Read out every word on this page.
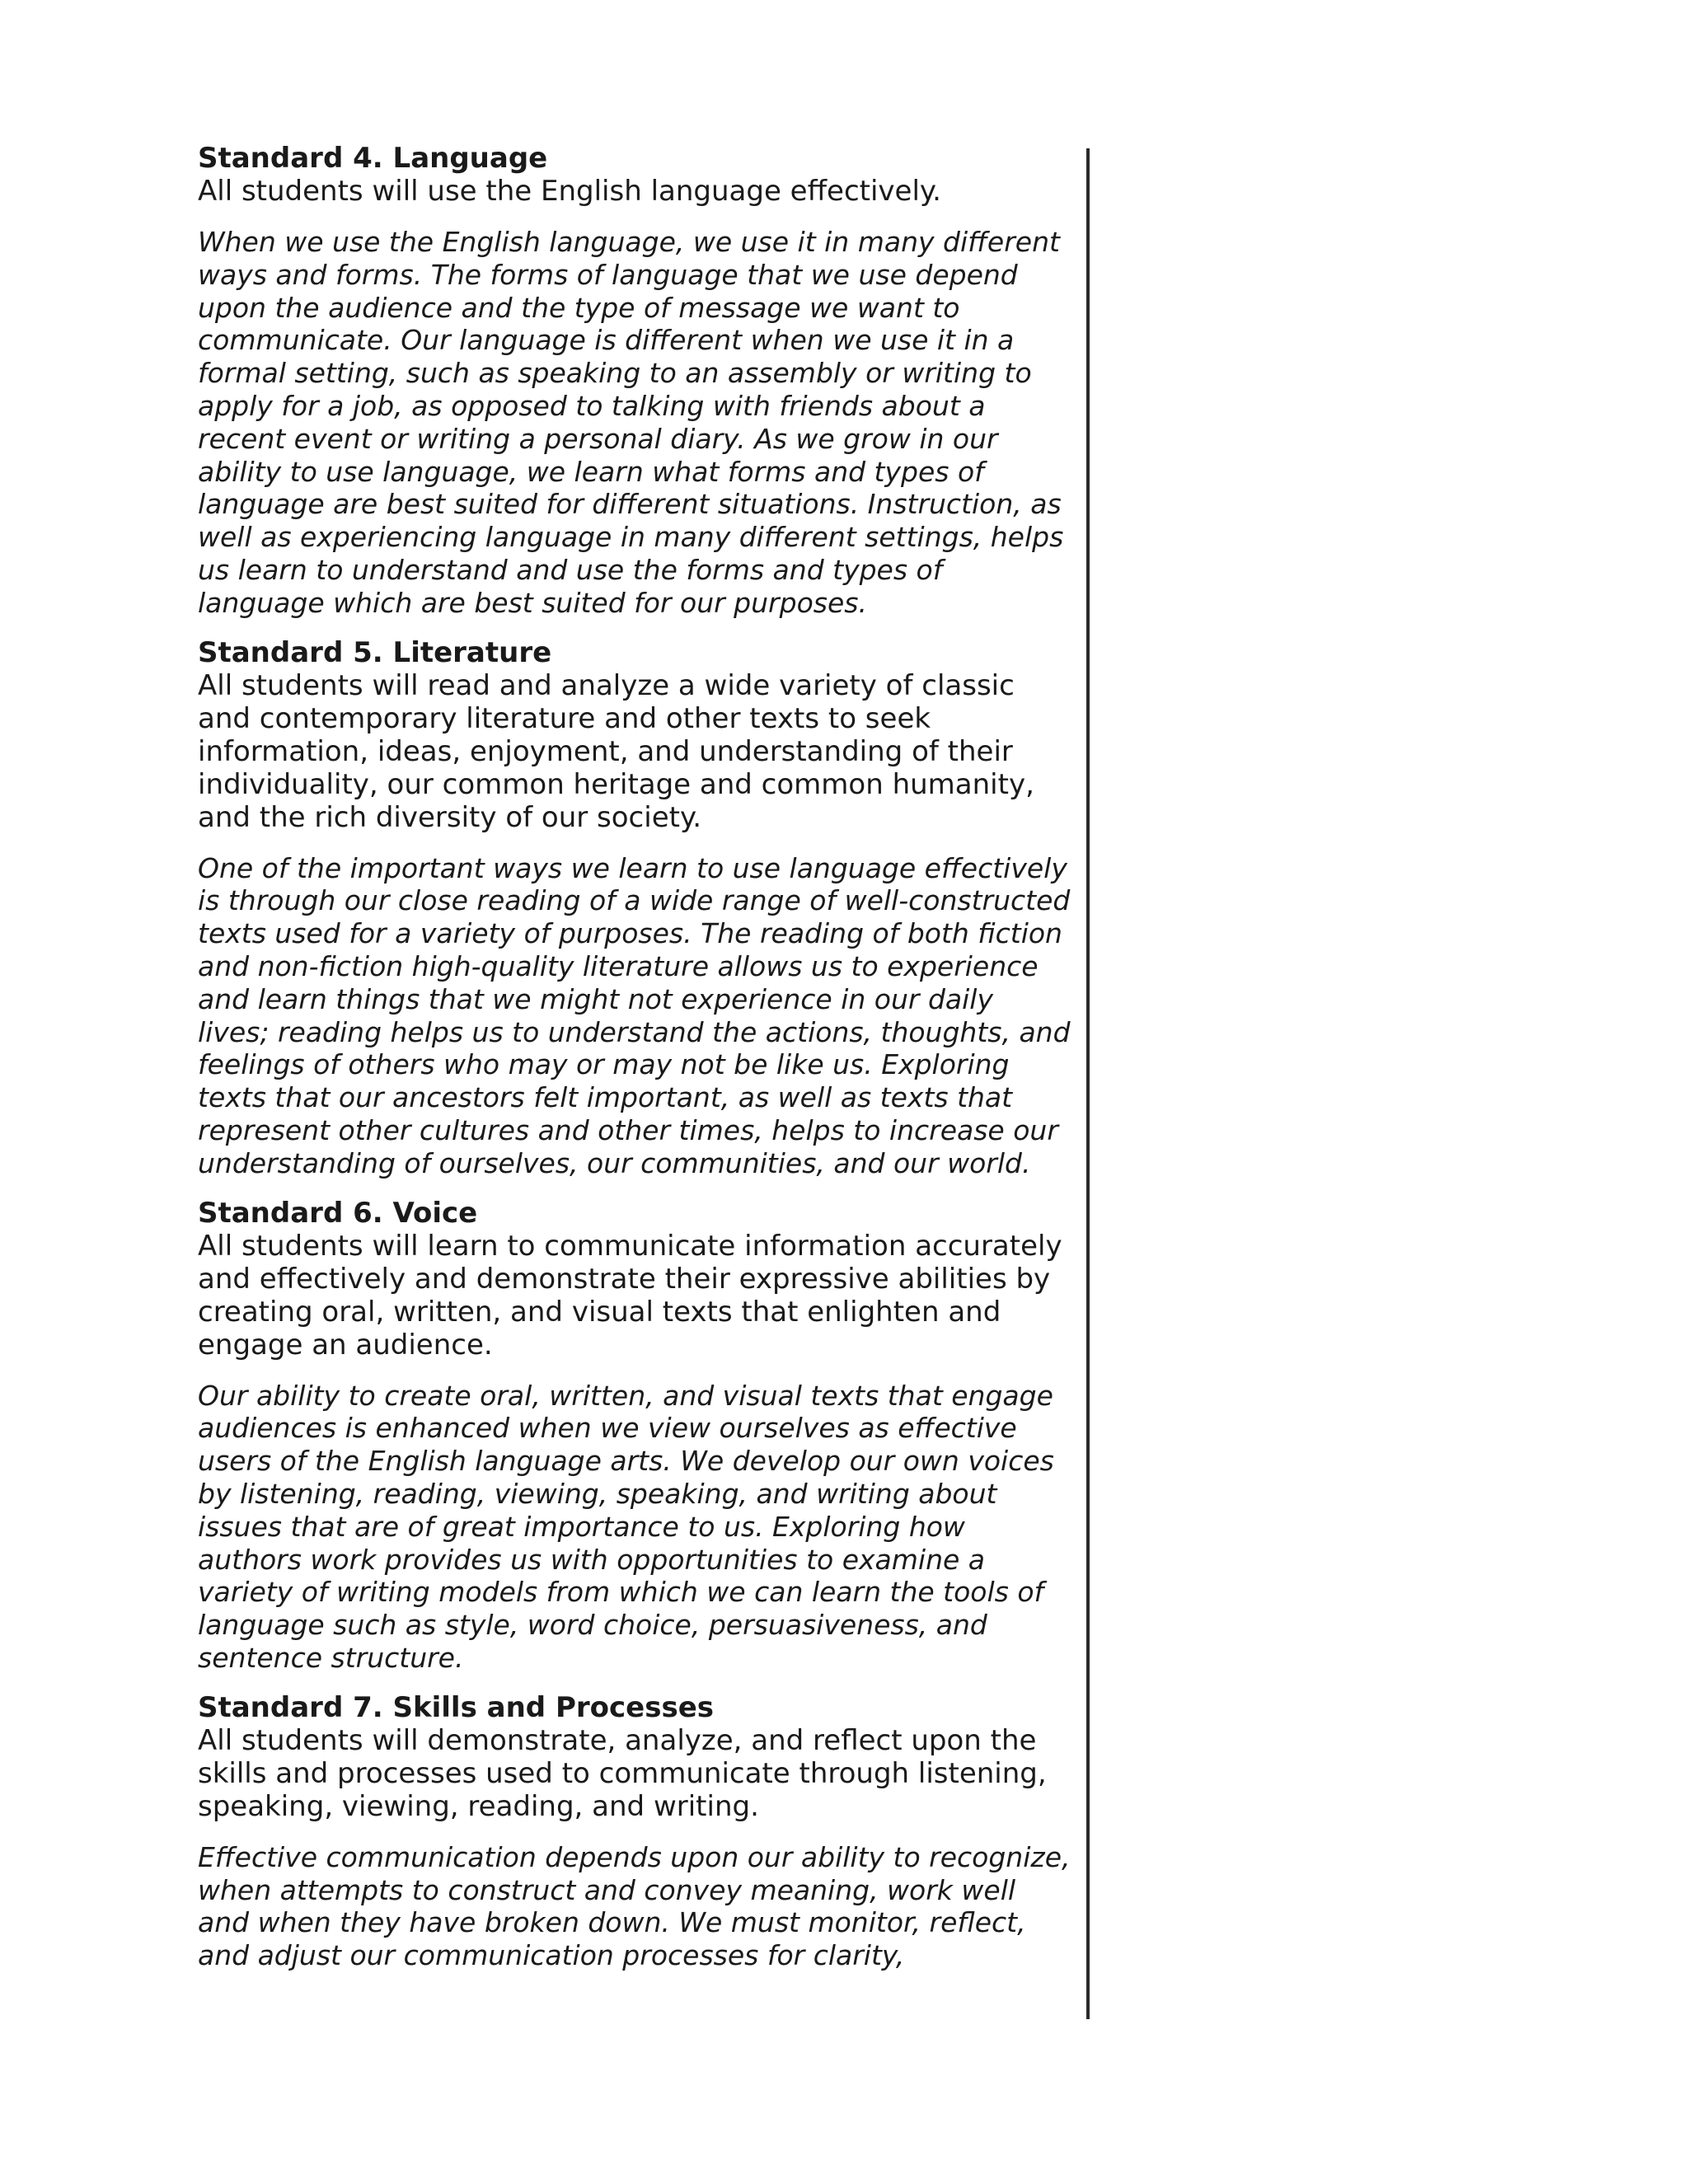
Standard 4. Language

All students will use the English language effectively.

When we use the English language, we use it in many different ways and forms. The forms of language that we use depend upon the audience and the type of message we want to communicate. Our language is different when we use it in a formal setting, such as speaking to an assembly or writing to apply for a job, as opposed to talking with friends about a recent event or writing a personal diary. As we grow in our ability to use language, we learn what forms and types of language are best suited for different situations. Instruction, as well as experiencing language in many different settings, helps us learn to understand and use the forms and types of language which are best suited for our purposes.

Standard 5. Literature

All students will read and analyze a wide variety of classic and contemporary literature and other texts to seek information, ideas, enjoyment, and understanding of their individuality, our common heritage and common humanity, and the rich diversity of our society.

One of the important ways we learn to use language effectively is through our close reading of a wide range of well-constructed texts used for a variety of purposes. The reading of both fiction and non-fiction high-quality literature allows us to experience and learn things that we might not experience in our daily lives; reading helps us to understand the actions, thoughts, and feelings of others who may or may not be like us. Exploring texts that our ancestors felt important, as well as texts that represent other cultures and other times, helps to increase our understanding of ourselves, our communities, and our world.

Standard 6. Voice

All students will learn to communicate information accurately and effectively and demonstrate their expressive abilities by creating oral, written, and visual texts that enlighten and engage an audience.

Our ability to create oral, written, and visual texts that engage audiences is enhanced when we view ourselves as effective users of the English language arts. We develop our own voices by listening, reading, viewing, speaking, and writing about issues that are of great importance to us. Exploring how authors work provides us with opportunities to examine a variety of writing models from which we can learn the tools of language such as style, word choice, persuasiveness, and sentence structure.

Standard 7. Skills and Processes

All students will demonstrate, analyze, and reflect upon the skills and processes used to communicate through listening, speaking, viewing, reading, and writing.

Effective communication depends upon our ability to recognize, when attempts to construct and convey meaning, work well and when they have broken down. We must monitor, reflect, and adjust our communication processes for clarity,
